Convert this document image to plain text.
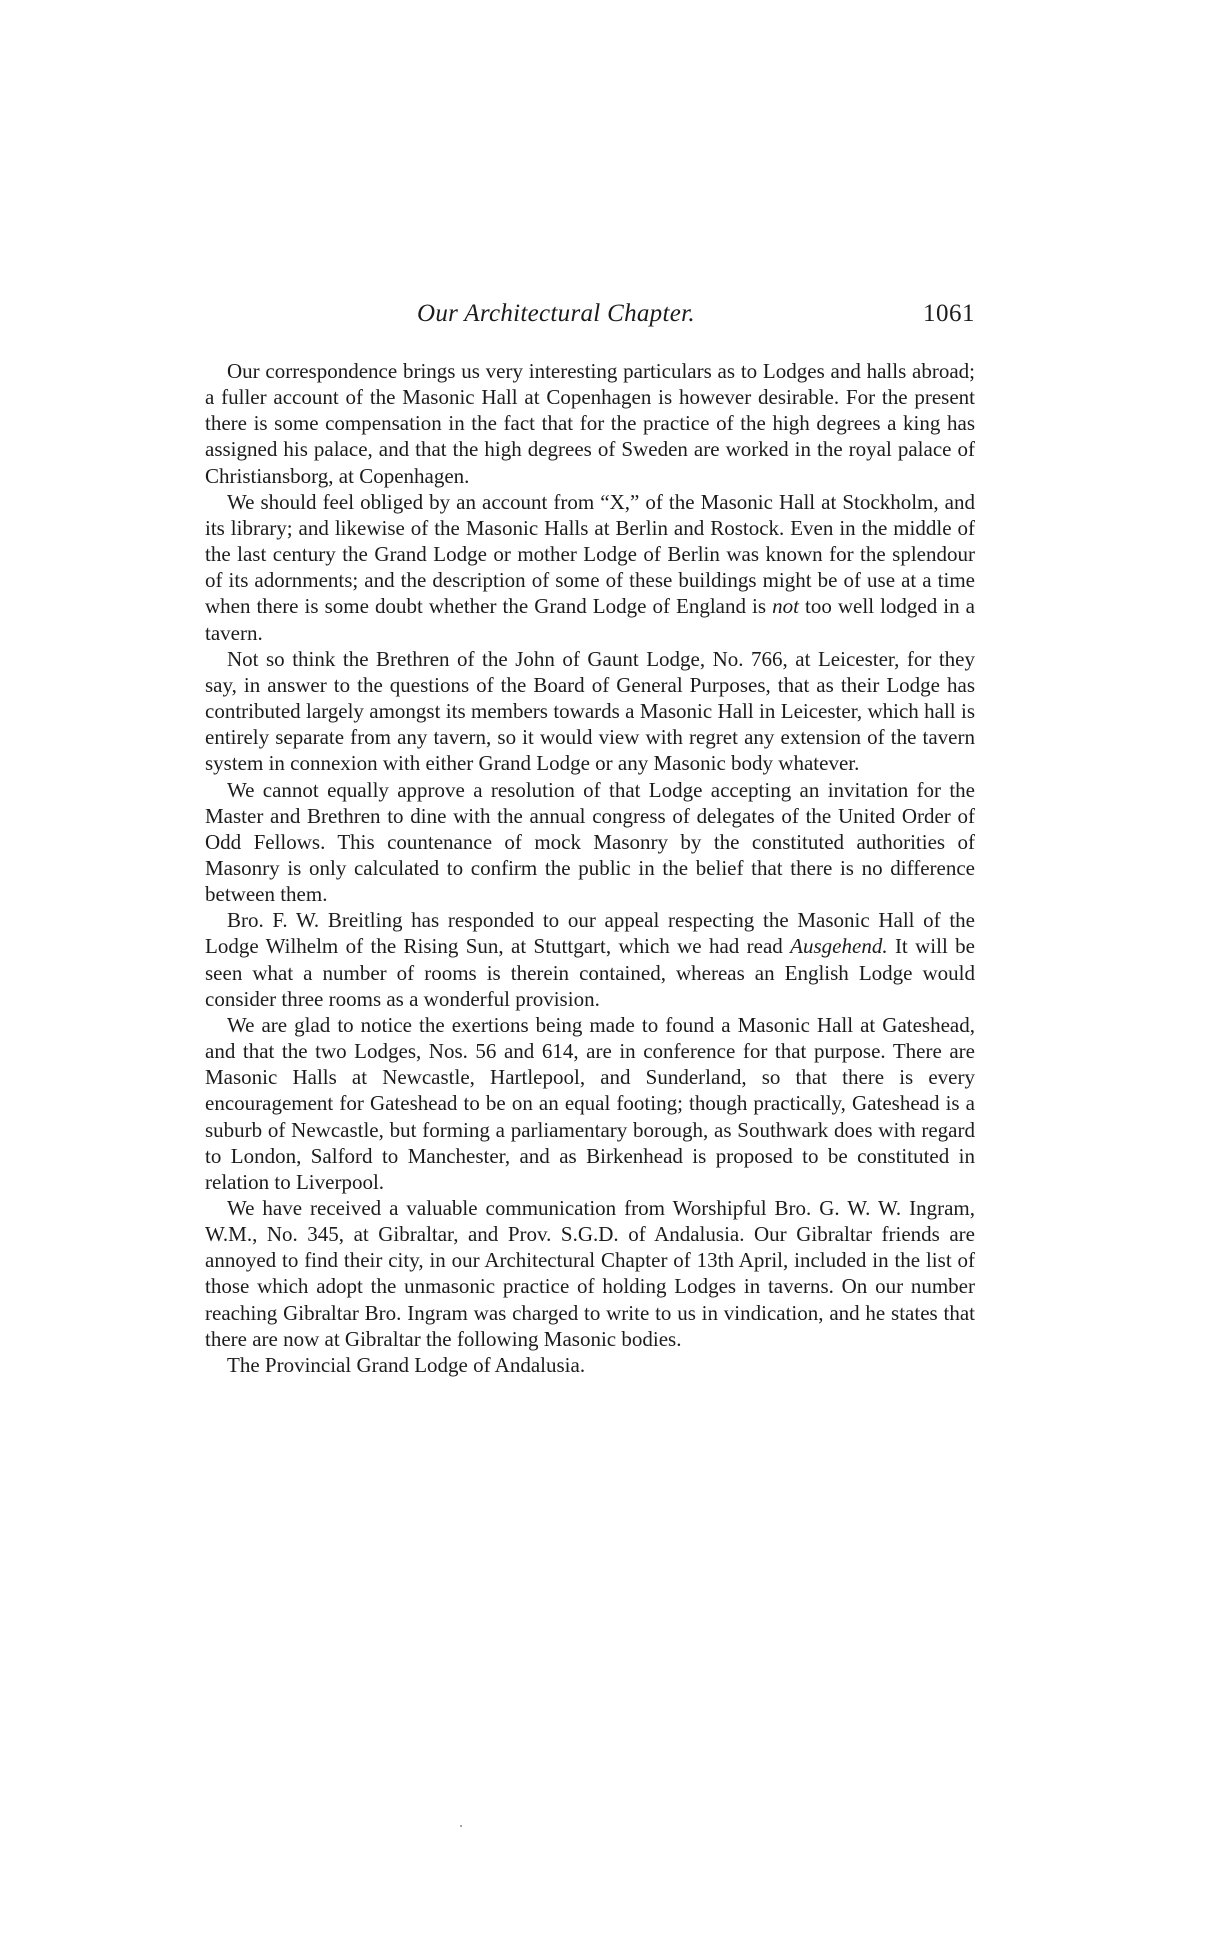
Our Architectural Chapter.	1061

Our correspondence brings us very interesting particulars as to Lodges and halls abroad; a fuller account of the Masonic Hall at Copenhagen is however desirable. For the present there is some compensation in the fact that for the practice of the high degrees a king has assigned his palace, and that the high degrees of Sweden are worked in the royal palace of Christiansborg, at Copenhagen.

We should feel obliged by an account from “X,” of the Masonic Hall at Stockholm, and its library; and likewise of the Masonic Halls at Berlin and Rostock. Even in the middle of the last century the Grand Lodge or mother Lodge of Berlin was known for the splendour of its adornments; and the description of some of these buildings might be of use at a time when there is some doubt whether the Grand Lodge of England is not too well lodged in a tavern.

Not so think the Brethren of the John of Gaunt Lodge, No. 766, at Leicester, for they say, in answer to the questions of the Board of General Purposes, that as their Lodge has contributed largely amongst its members towards a Masonic Hall in Leicester, which hall is entirely separate from any tavern, so it would view with regret any extension of the tavern system in connexion with either Grand Lodge or any Masonic body whatever.

We cannot equally approve a resolution of that Lodge accepting an invitation for the Master and Brethren to dine with the annual congress of delegates of the United Order of Odd Fellows. This countenance of mock Masonry by the constituted authorities of Masonry is only calculated to confirm the public in the belief that there is no difference between them.

Bro. F. W. Breitling has responded to our appeal respecting the Masonic Hall of the Lodge Wilhelm of the Rising Sun, at Stuttgart, which we had read Ausgehend. It will be seen what a number of rooms is therein contained, whereas an English Lodge would consider three rooms as a wonderful provision.

We are glad to notice the exertions being made to found a Masonic Hall at Gateshead, and that the two Lodges, Nos. 56 and 614, are in conference for that purpose. There are Masonic Halls at Newcastle, Hartlepool, and Sunderland, so that there is every encouragement for Gateshead to be on an equal footing; though practically, Gateshead is a suburb of Newcastle, but forming a parliamentary borough, as Southwark does with regard to London, Salford to Manchester, and as Birkenhead is proposed to be constituted in relation to Liverpool.

We have received a valuable communication from Worshipful Bro. G. W. W. Ingram, W.M., No. 345, at Gibraltar, and Prov. S.G.D. of Andalusia. Our Gibraltar friends are annoyed to find their city, in our Architectural Chapter of 13th April, included in the list of those which adopt the unmasonic practice of holding Lodges in taverns. On our number reaching Gibraltar Bro. Ingram was charged to write to us in vindication, and he states that there are now at Gibraltar the following Masonic bodies.

The Provincial Grand Lodge of Andalusia.
